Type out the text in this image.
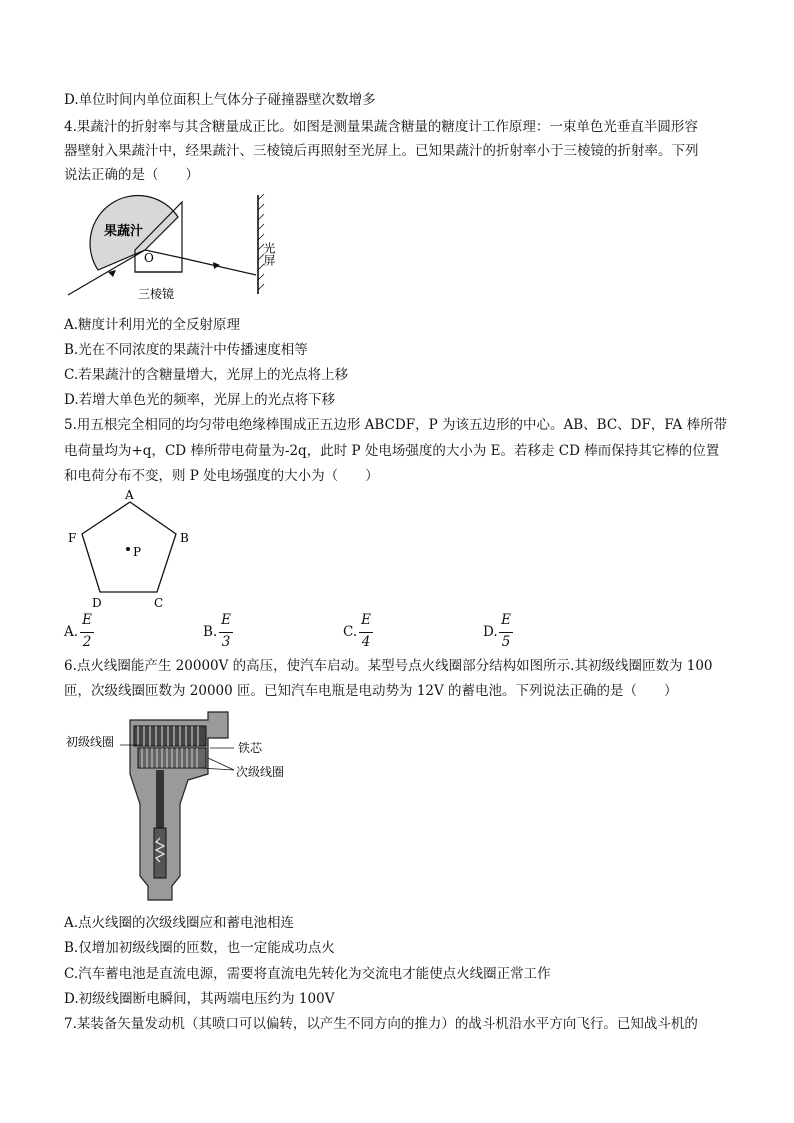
D.单位时间内单位面积上气体分子碰撞器壁次数增多
4.果蔬汁的折射率与其含糖量成正比。如图是测量果蔬含糖量的糖度计工作原理：一束单色光垂直半圆形容
器壁射入果蔬汁中，经果蔬汁、三棱镜后再照射至光屏上。已知果蔬汁的折射率小于三棱镜的折射率。下列
说法正确的是（　　）
果蔬汁
O
三棱镜
光屏
A.糖度计利用光的全反射原理
B.光在不同浓度的果蔬汁中传播速度相等
C.若果蔬汁的含糖量增大，光屏上的光点将上移
D.若增大单色光的频率，光屏上的光点将下移
5.用五根完全相同的均匀带电绝缘棒围成正五边形 ABCDF，P 为该五边形的中心。AB、BC、DF，FA 棒所带
电荷量均为+q，CD 棒所带电荷量为-2q，此时 P 处电场强度的大小为 E。若移走 CD 棒而保持其它棒的位置
和电荷分布不变，则 P 处电场强度的大小为（　　）
A
B
C
D
F
P
A.
E
2
B.
E
3
C.
E
4
D.
E
5
6.点火线圈能产生 20000V 的高压，使汽车启动。某型号点火线圈部分结构如图所示.其初级线圈匝数为 100
匝，次级线圈匝数为 20000 匝。已知汽车电瓶是电动势为 12V 的蓄电池。下列说法正确的是（　　）
初级线圈	铁芯
次级线圈
A.点火线圈的次级线圈应和蓄电池相连
B.仅增加初级线圈的匝数，也一定能成功点火
C.汽车蓄电池是直流电源，需要将直流电先转化为交流电才能使点火线圈正常工作
D.初级线圈断电瞬间，其两端电压约为 100V
7.某装备矢量发动机（其喷口可以偏转，以产生不同方向的推力）的战斗机沿水平方向飞行。已知战斗机的
